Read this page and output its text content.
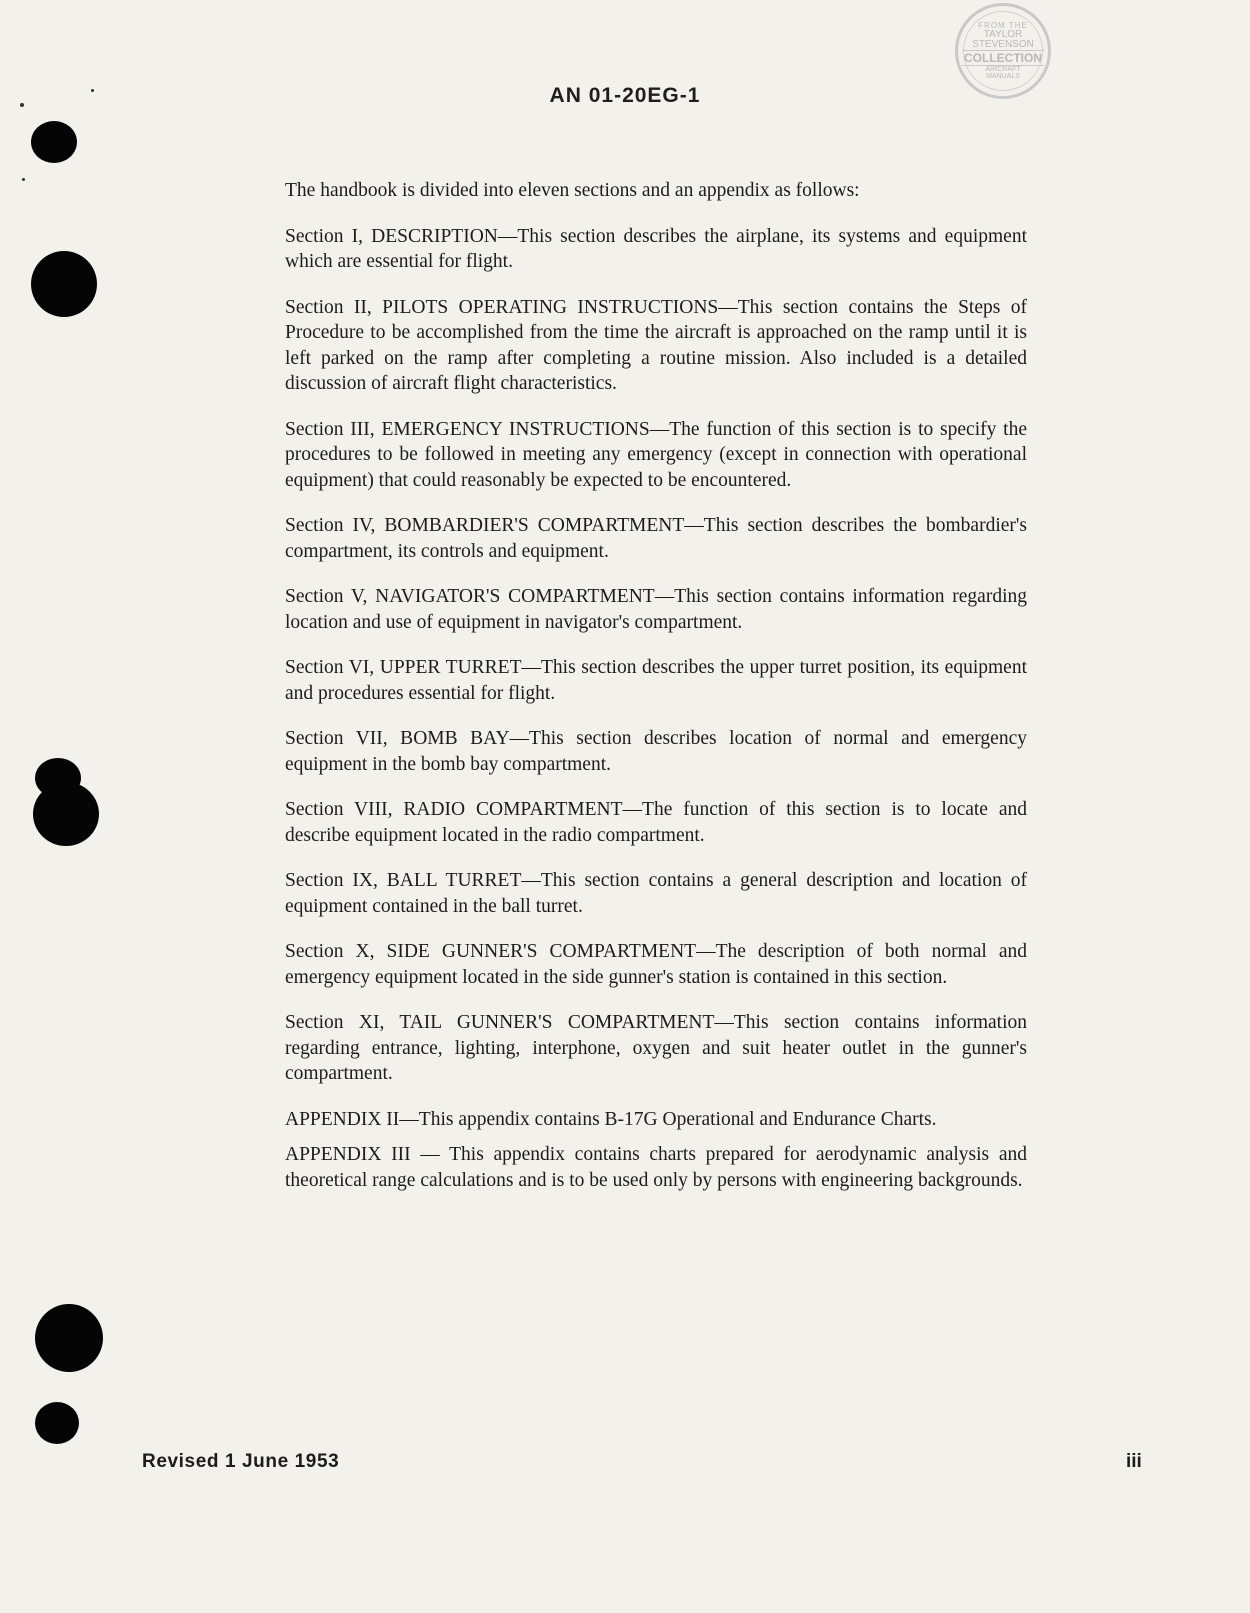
FROM THE
TAYLOR
STEVENSON
COLLECTION
AIRCRAFT
MANUALS
AN 01-20EG-1

The handbook is divided into eleven sections and an appendix as follows:

Section I, DESCRIPTION—This section describes the airplane, its systems and equipment which are essential for flight.

Section II, PILOTS OPERATING INSTRUCTIONS—This section contains the Steps of Procedure to be accomplished from the time the aircraft is approached on the ramp until it is left parked on the ramp after completing a routine mission. Also included is a detailed discussion of aircraft flight characteristics.

Section III, EMERGENCY INSTRUCTIONS—The function of this section is to specify the procedures to be followed in meeting any emergency (except in connection with operational equipment) that could reasonably be expected to be encountered.

Section IV, BOMBARDIER'S COMPARTMENT—This section describes the bombardier's compartment, its controls and equipment.

Section V, NAVIGATOR'S COMPARTMENT—This section contains information regarding location and use of equipment in navigator's compartment.

Section VI, UPPER TURRET—This section describes the upper turret position, its equipment and procedures essential for flight.

Section VII, BOMB BAY—This section describes location of normal and emergency equipment in the bomb bay compartment.

Section VIII, RADIO COMPARTMENT—The function of this section is to locate and describe equipment located in the radio compartment.

Section IX, BALL TURRET—This section contains a general description and location of equipment contained in the ball turret.

Section X, SIDE GUNNER'S COMPARTMENT—The description of both normal and emergency equipment located in the side gunner's station is contained in this section.

Section XI, TAIL GUNNER'S COMPARTMENT—This section contains information regarding entrance, lighting, interphone, oxygen and suit heater outlet in the gunner's compartment.

APPENDIX II—This appendix contains B-17G Operational and Endurance Charts.

APPENDIX III — This appendix contains charts prepared for aerodynamic analysis and theoretical range calculations and is to be used only by persons with engineering backgrounds.

Revised 1 June 1953	iii
